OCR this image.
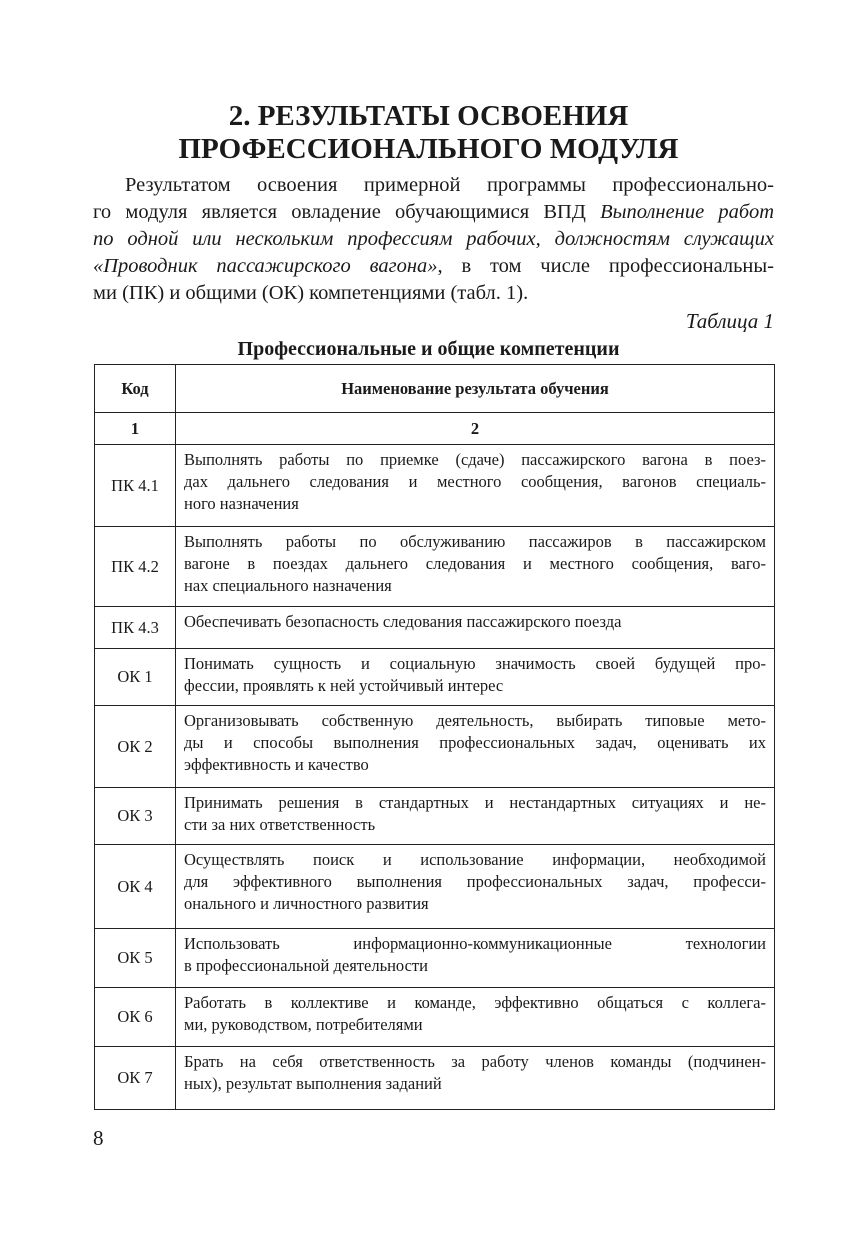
2. РЕЗУЛЬТАТЫ ОСВОЕНИЯ
ПРОФЕССИОНАЛЬНОГО МОДУЛЯ
Результатом освоения примерной программы профессионально-
го модуля является овладение обучающимися ВПД Выполнение работ
по одной или нескольким профессиям рабочих, должностям служащих
«Проводник пассажирского вагона», в том числе профессиональны-
ми (ПК) и общими (ОК) компетенциями (табл. 1).
Таблица 1
Профессиональные и общие компетенции
Код	Наименование результата обучения
1	2
ПК 4.1	Выполнять работы по приемке (сдаче) пассажирского вагона в поез-
дах дальнего следования и местного сообщения, вагонов специаль-
ного назначения

ПК 4.2	Выполнять работы по обслуживанию пассажиров в пассажирском
вагоне в поездах дальнего следования и местного сообщения, ваго-
нах специального назначения

ПК 4.3	Обеспечивать безопасность следования пассажирского поезда

ОК 1	Понимать сущность и социальную значимость своей будущей про-
фессии, проявлять к ней устойчивый интерес

ОК 2	Организовывать собственную деятельность, выбирать типовые мето-
ды и способы выполнения профессиональных задач, оценивать их
эффективность и качество

ОК 3	Принимать решения в стандартных и нестандартных ситуациях и не-
сти за них ответственность

ОК 4	Осуществлять поиск и использование информации, необходимой
для эффективного выполнения профессиональных задач, професси-
онального и личностного развития

ОК 5	Использовать информационно-коммуникационные технологии
в профессиональной деятельности

ОК 6	Работать в коллективе и команде, эффективно общаться с коллега-
ми, руководством, потребителями

ОК 7	Брать на себя ответственность за работу членов команды (подчинен-
ных), результат выполнения заданий
8
